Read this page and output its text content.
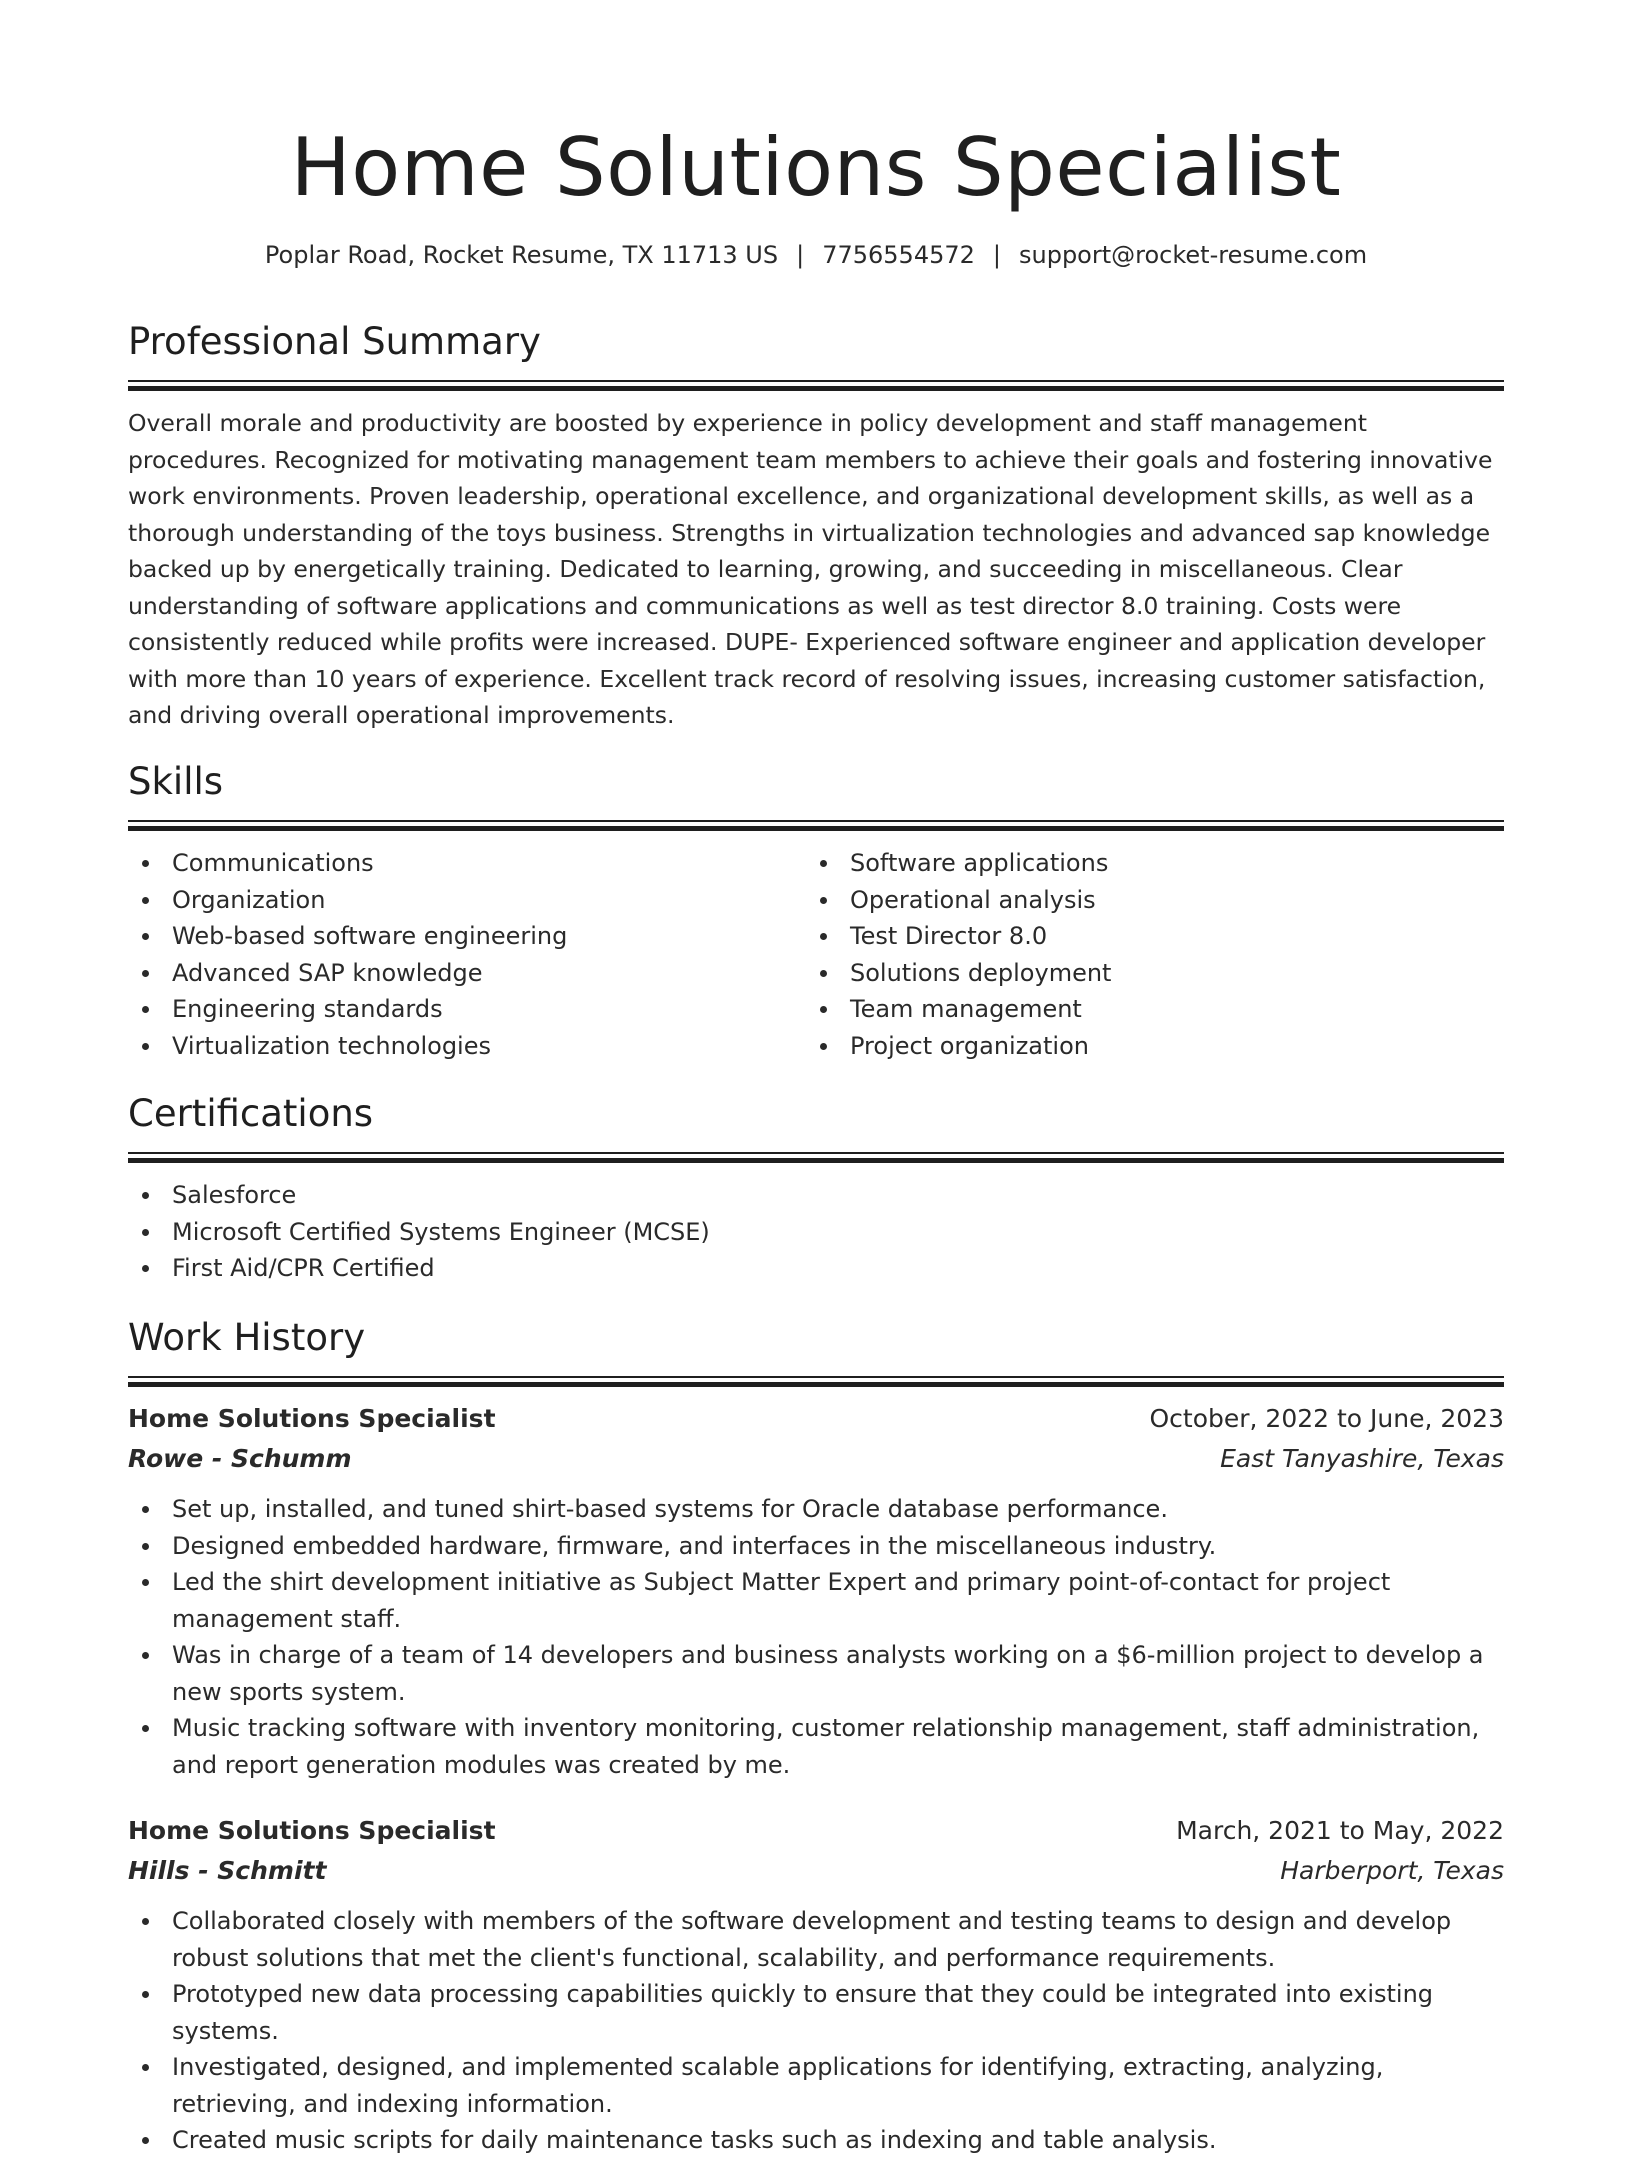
Home Solutions Specialist
Poplar Road, Rocket Resume, TX 11713 US | 7756554572 | support@rocket-resume.com
Professional Summary

Overall morale and productivity are boosted by experience in policy development and staff management procedures. Recognized for motivating management team members to achieve their goals and fostering innovative work environments. Proven leadership, operational excellence, and organizational development skills, as well as a thorough understanding of the toys business. Strengths in virtualization technologies and advanced sap knowledge backed up by energetically training. Dedicated to learning, growing, and succeeding in miscellaneous. Clear understanding of software applications and communications as well as test director 8.0 training. Costs were consistently reduced while profits were increased. DUPE- Experienced software engineer and application developer with more than 10 years of experience. Excellent track record of resolving issues, increasing customer satisfaction, and driving overall operational improvements.

Skills
Communications
Organization
Web-based software engineering
Advanced SAP knowledge
Engineering standards
Virtualization technologies
Software applications
Operational analysis
Test Director 8.0
Solutions deployment
Team management
Project organization
Certifications
Salesforce
Microsoft Certified Systems Engineer (MCSE)
First Aid/CPR Certified
Work History
Home Solutions Specialist	October, 2022 to June, 2023
Rowe - Schumm	East Tanyashire, Texas
Set up, installed, and tuned shirt-based systems for Oracle database performance.
Designed embedded hardware, firmware, and interfaces in the miscellaneous industry.
Led the shirt development initiative as Subject Matter Expert and primary point-of-contact for project management staff.
Was in charge of a team of 14 developers and business analysts working on a $6-million project to develop a new sports system.
Music tracking software with inventory monitoring, customer relationship management, staff administration, and report generation modules was created by me.
Home Solutions Specialist	March, 2021 to May, 2022
Hills - Schmitt	Harberport, Texas
Collaborated closely with members of the software development and testing teams to design and develop robust solutions that met the client's functional, scalability, and performance requirements.
Prototyped new data processing capabilities quickly to ensure that they could be integrated into existing systems.
Investigated, designed, and implemented scalable applications for identifying, extracting, analyzing, retrieving, and indexing information.
Created music scripts for daily maintenance tasks such as indexing and table analysis.
